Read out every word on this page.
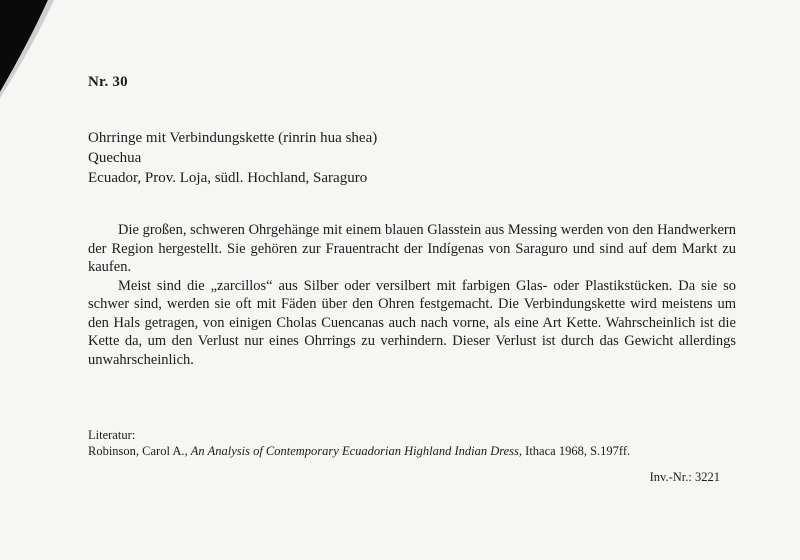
Nr. 30
Ohrringe mit Verbindungskette (rinrin hua shea)
Quechua
Ecuador, Prov. Loja, südl. Hochland, Saraguro

Die großen, schweren Ohrgehänge mit einem blauen Glasstein aus Messing werden von den Handwerkern der Region hergestellt. Sie gehören zur Frauentracht der Indígenas von Saraguro und sind auf dem Markt zu kaufen.

Meist sind die „zarcillos“ aus Silber oder versilbert mit farbigen Glas- oder Plastikstücken. Da sie so schwer sind, werden sie oft mit Fäden über den Ohren festgemacht. Die Verbindungskette wird meistens um den Hals getragen, von einigen Cholas Cuencanas auch nach vorne, als eine Art Kette. Wahrscheinlich ist die Kette da, um den Verlust nur eines Ohrrings zu verhindern. Dieser Verlust ist durch das Gewicht allerdings unwahrscheinlich.

Literatur:
Robinson, Carol A., An Analysis of Contemporary Ecuadorian Highland Indian Dress, Ithaca 1968, S.197ff.
Inv.-Nr.: 3221
